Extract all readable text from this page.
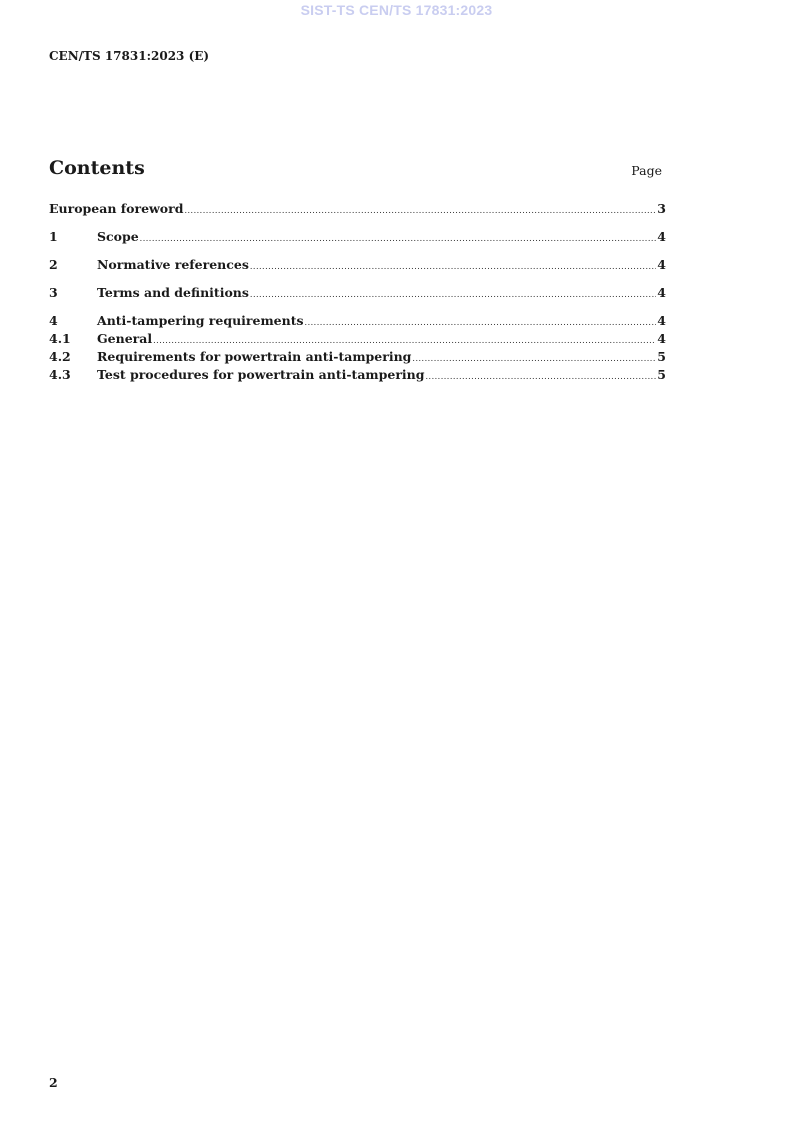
SIST-TS CEN/TS 17831:2023
CEN/TS 17831:2023 (E)
Contents	Page
European foreword .....	3
1	Scope .....	4
2	Normative references .....	4
3	Terms and definitions .....	4
4	Anti-tampering requirements .....	4
4.1	General .....	4
4.2	Requirements for powertrain anti-tampering .....	5
4.3	Test procedures for powertrain anti-tampering .....	5
2
